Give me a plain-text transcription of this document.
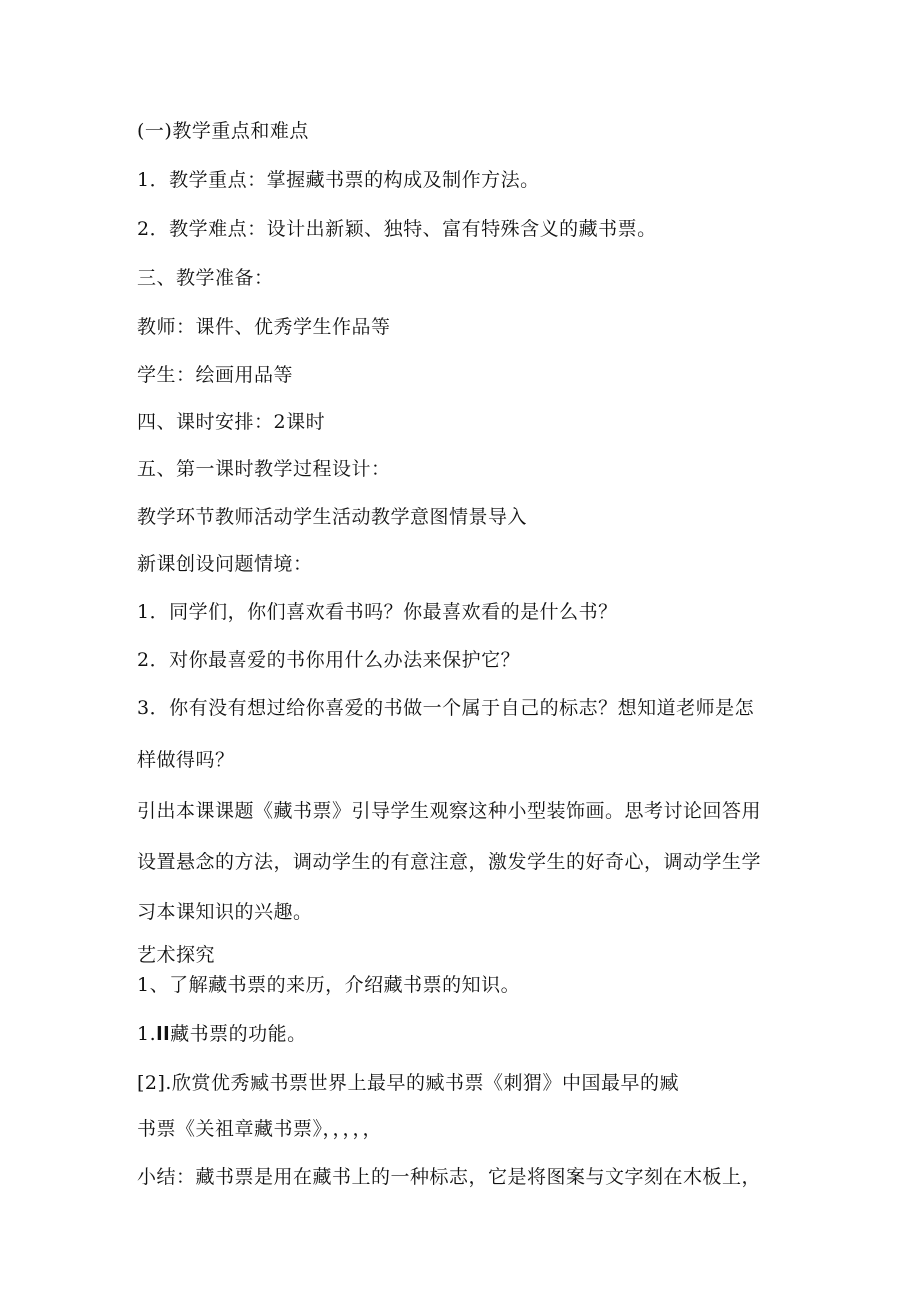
(一)教学重点和难点

1．教学重点：掌握藏书票的构成及制作方法。

2．教学难点：设计出新颖、独特、富有特殊含义的藏书票。

三、教学准备：

教师：课件、优秀学生作品等

学生：绘画用品等

四、课时安排：2课时

五、第一课时教学过程设计：

教学环节教师活动学生活动教学意图情景导入

新课创设问题情境：

1．同学们，你们喜欢看书吗？你最喜欢看的是什么书？

2．对你最喜爱的书你用什么办法来保护它？

3．你有没有想过给你喜爱的书做一个属于自己的标志？想知道老师是怎

样做得吗？

引出本课课题《藏书票》引导学生观察这种小型装饰画。思考讨论回答用

设置悬念的方法，调动学生的有意注意，激发学生的好奇心，调动学生学

习本课知识的兴趣。

艺术探究

1、了解藏书票的来历，介绍藏书票的知识。

1.ll藏书票的功能。

[2].欣赏优秀臧书票世界上最早的臧书票《刺猬》中国最早的臧

书票《关祖章藏书票》，，，，，

小结：藏书票是用在藏书上的一种标志，它是将图案与文字刻在木板上，
